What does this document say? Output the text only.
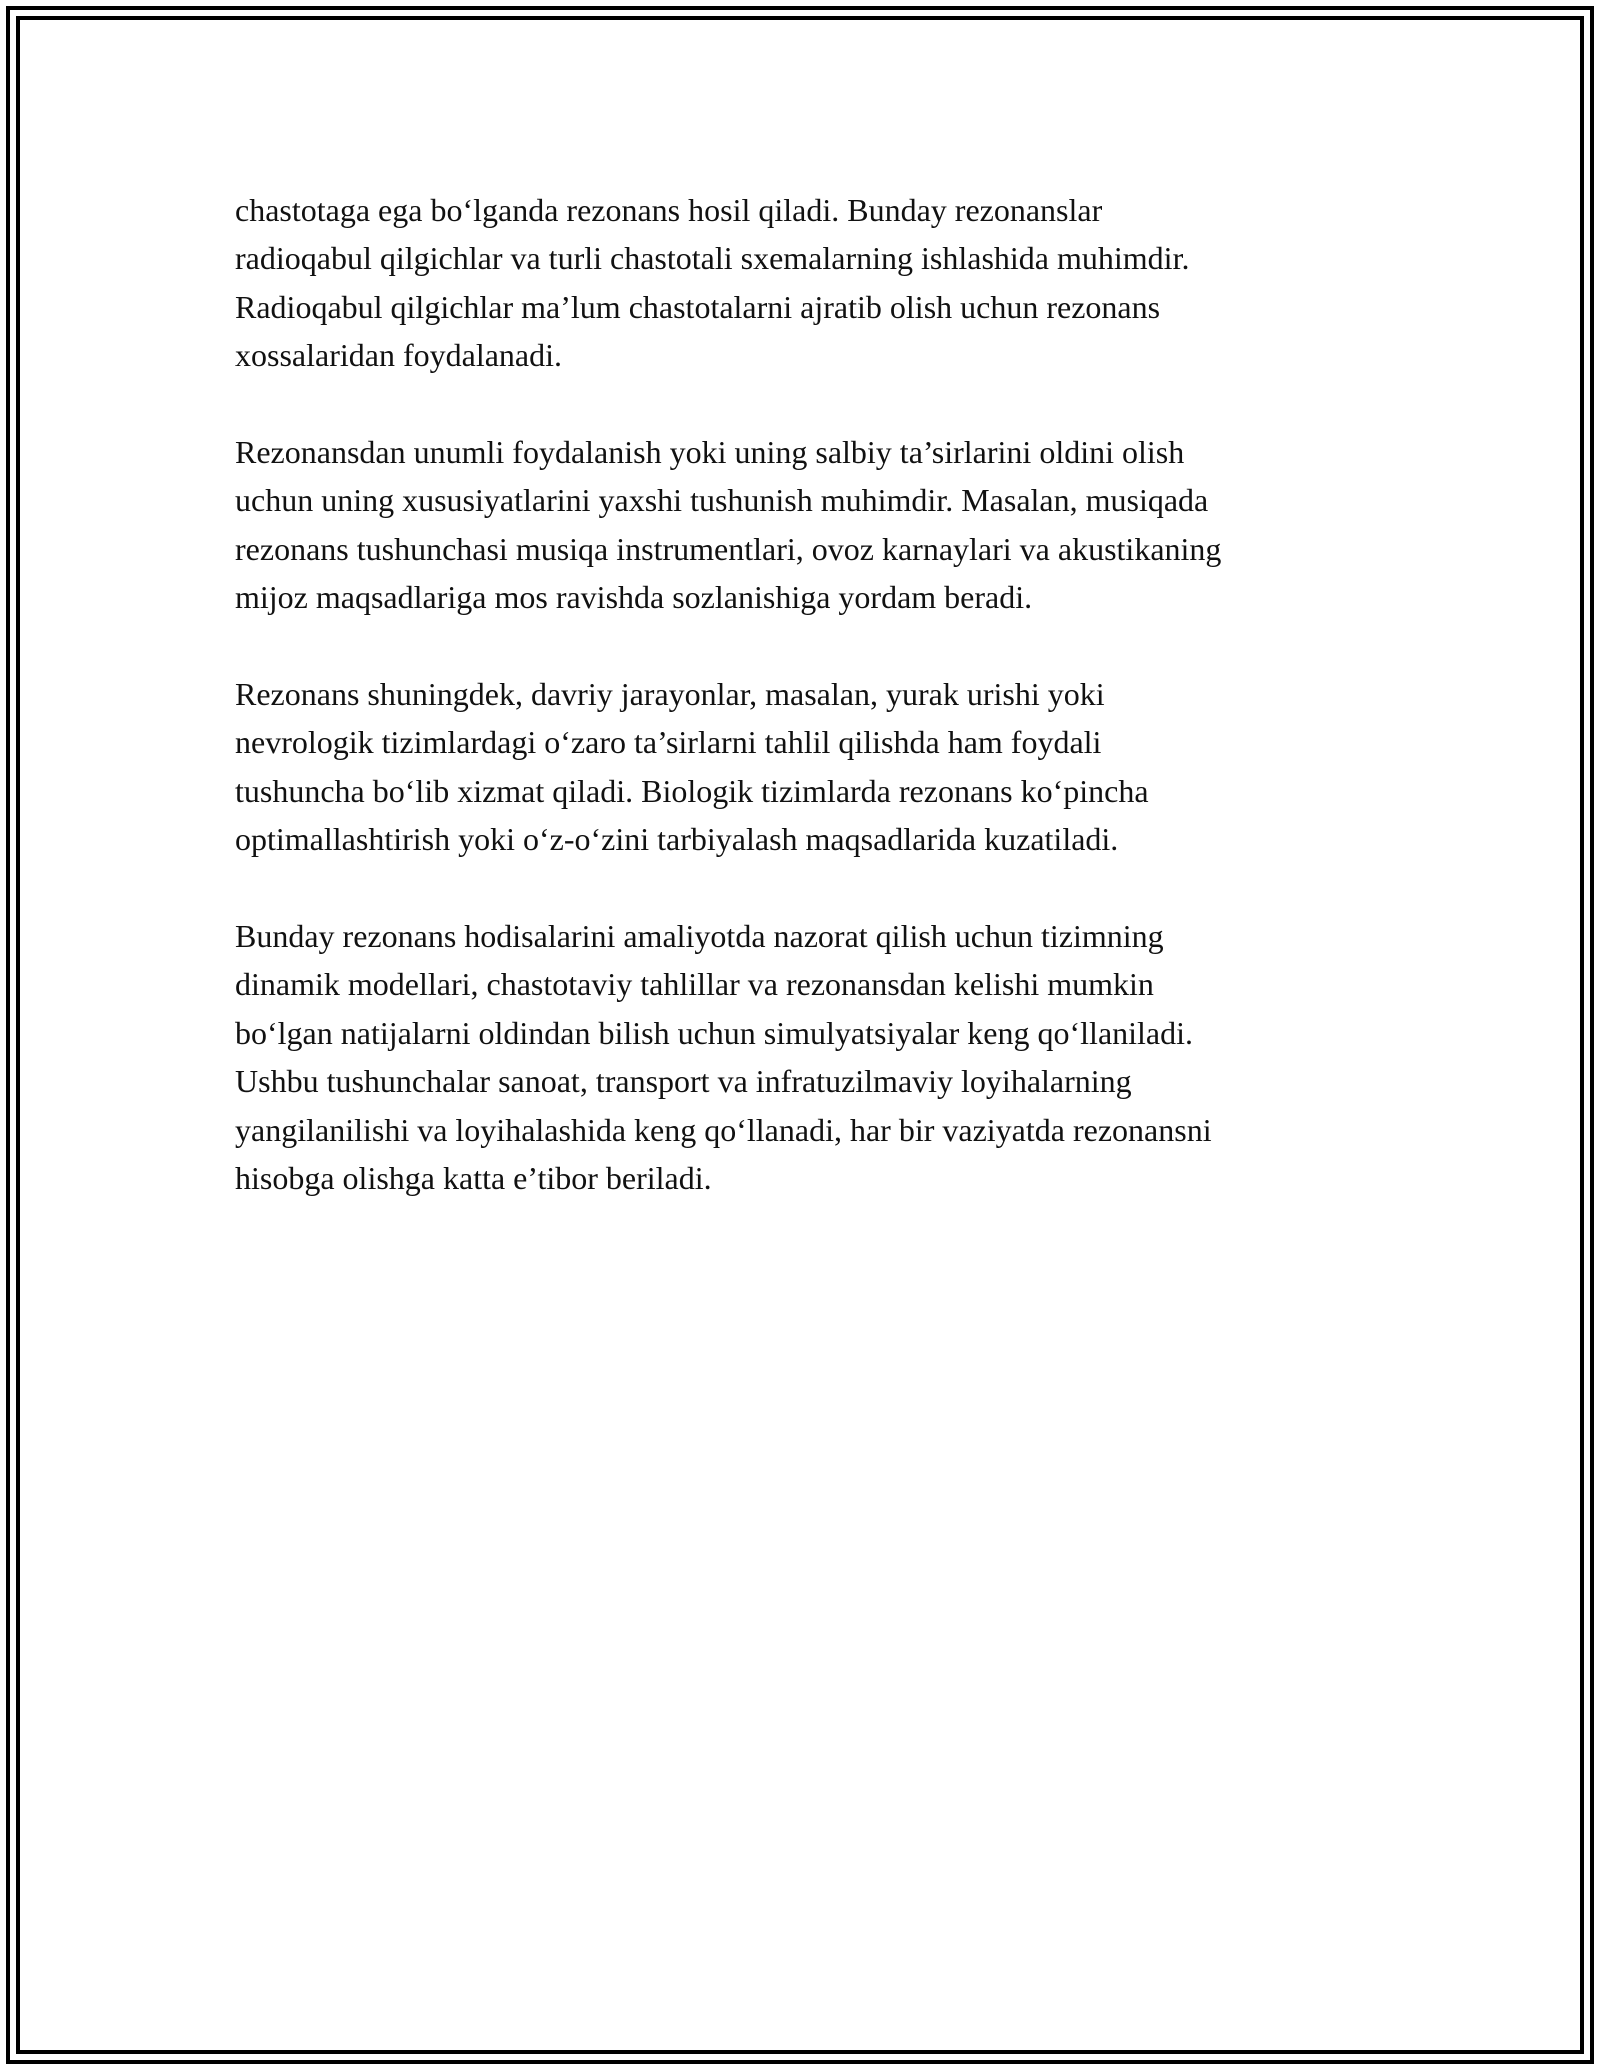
chastotaga ega bo‘lganda rezonans hosil qiladi. Bunday rezonanslar
radioqabul qilgichlar va turli chastotali sxemalarning ishlashida muhimdir.
Radioqabul qilgichlar ma’lum chastotalarni ajratib olish uchun rezonans
xossalaridan foydalanadi.
Rezonansdan unumli foydalanish yoki uning salbiy ta’sirlarini oldini olish
uchun uning xususiyatlarini yaxshi tushunish muhimdir. Masalan, musiqada
rezonans tushunchasi musiqa instrumentlari, ovoz karnaylari va akustikaning
mijoz maqsadlariga mos ravishda sozlanishiga yordam beradi.
Rezonans shuningdek, davriy jarayonlar, masalan, yurak urishi yoki
nevrologik tizimlardagi o‘zaro ta’sirlarni tahlil qilishda ham foydali
tushuncha bo‘lib xizmat qiladi. Biologik tizimlarda rezonans ko‘pincha
optimallashtirish yoki o‘z-o‘zini tarbiyalash maqsadlarida kuzatiladi.
Bunday rezonans hodisalarini amaliyotda nazorat qilish uchun tizimning
dinamik modellari, chastotaviy tahlillar va rezonansdan kelishi mumkin
bo‘lgan natijalarni oldindan bilish uchun simulyatsiyalar keng qo‘llaniladi.
Ushbu tushunchalar sanoat, transport va infratuzilmaviy loyihalarning
yangilanilishi va loyihalashida keng qo‘llanadi, har bir vaziyatda rezonansni
hisobga olishga katta e’tibor beriladi.
